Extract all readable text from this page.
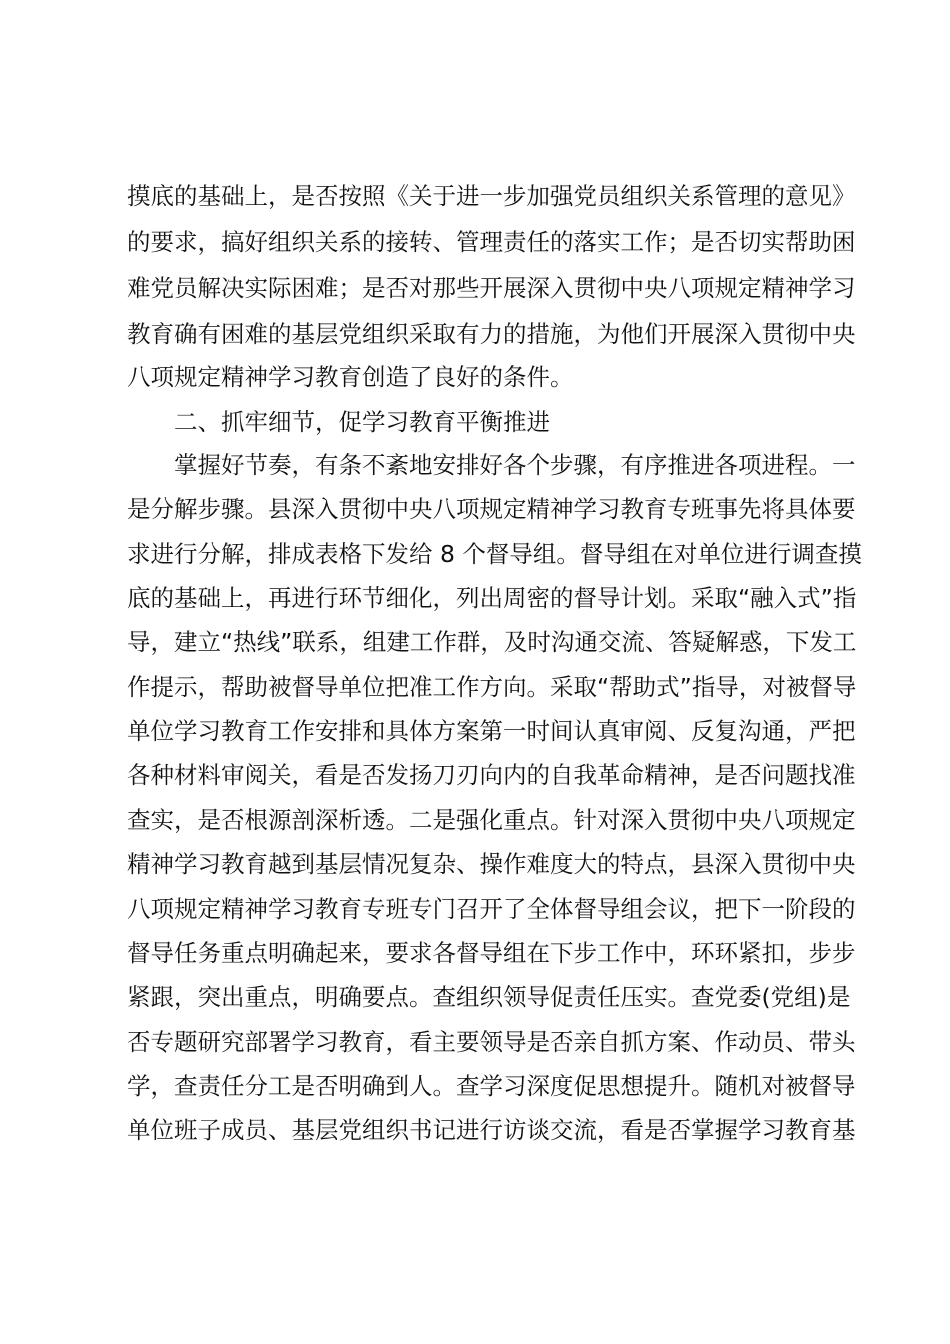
摸底的基础上，是否按照《关于进一步加强党员组织关系管理的意见》
的要求，搞好组织关系的接转、管理责任的落实工作；是否切实帮助困
难党员解决实际困难；是否对那些开展深入贯彻中央八项规定精神学习
教育确有困难的基层党组织采取有力的措施，为他们开展深入贯彻中央
八项规定精神学习教育创造了良好的条件。
二、抓牢细节，促学习教育平衡推进
掌握好节奏，有条不紊地安排好各个步骤，有序推进各项进程。一
是分解步骤。县深入贯彻中央八项规定精神学习教育专班事先将具体要
求进行分解，排成表格下发给 8 个督导组。督导组在对单位进行调查摸
底的基础上，再进行环节细化，列出周密的督导计划。采取“融入式”指
导，建立“热线”联系，组建工作群，及时沟通交流、答疑解惑，下发工
作提示，帮助被督导单位把准工作方向。采取“帮助式”指导，对被督导
单位学习教育工作安排和具体方案第一时间认真审阅、反复沟通，严把
各种材料审阅关，看是否发扬刀刃向内的自我革命精神，是否问题找准
查实，是否根源剖深析透。二是强化重点。针对深入贯彻中央八项规定
精神学习教育越到基层情况复杂、操作难度大的特点，县深入贯彻中央
八项规定精神学习教育专班专门召开了全体督导组会议，把下一阶段的
督导任务重点明确起来，要求各督导组在下步工作中，环环紧扣，步步
紧跟，突出重点，明确要点。查组织领导促责任压实。查党委(党组)是
否专题研究部署学习教育，看主要领导是否亲自抓方案、作动员、带头
学，查责任分工是否明确到人。查学习深度促思想提升。随机对被督导
单位班子成员、基层党组织书记进行访谈交流，看是否掌握学习教育基
